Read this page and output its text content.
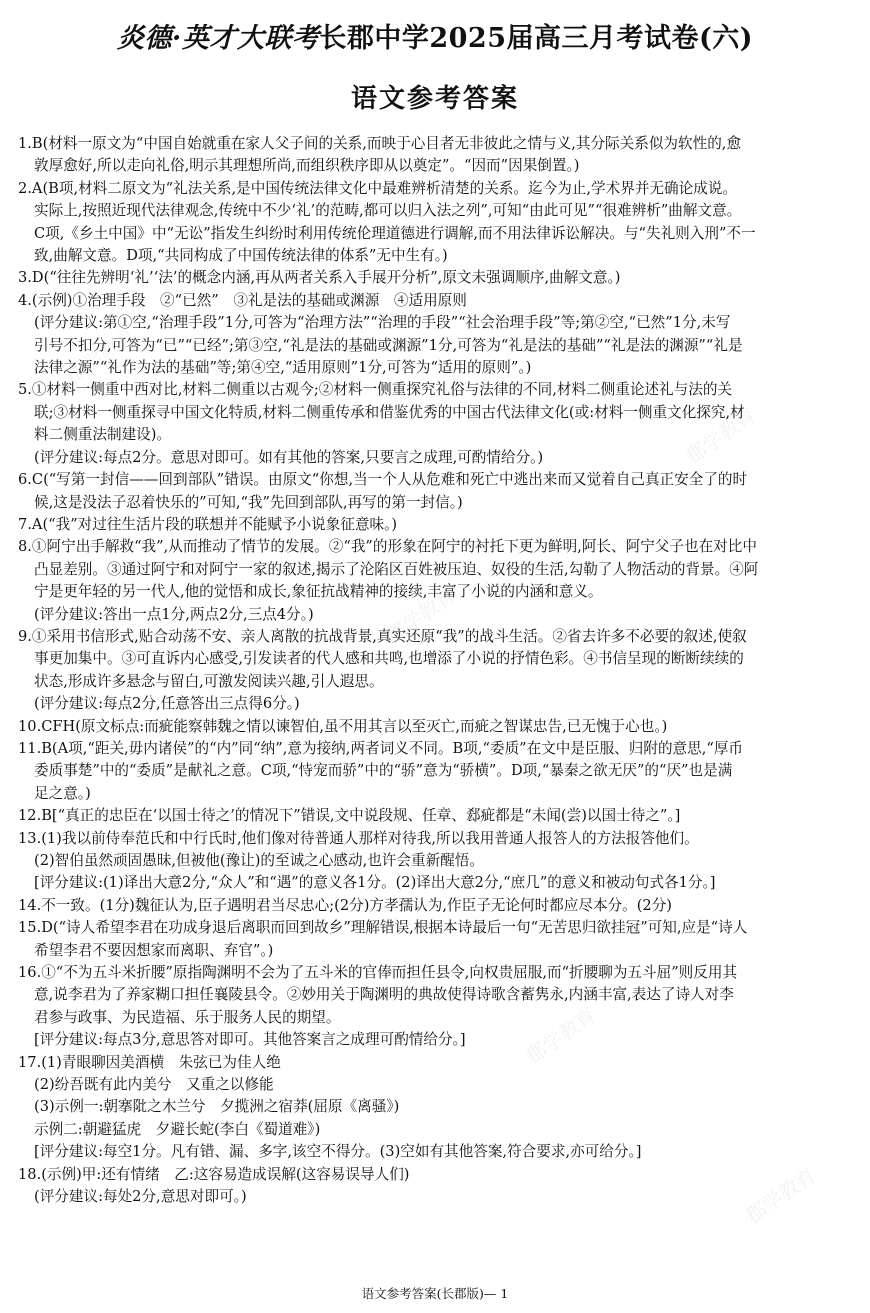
炎德·英才大联考长郡中学2025届高三月考试卷(六)
语文参考答案
1.B(材料一原文为“中国自始就重在家人父子间的关系,而映于心目者无非彼此之情与义,其分际关系似为软性的,愈
敦厚愈好,所以走向礼俗,明示其理想所尚,而组织秩序即从以奠定”。“因而”因果倒置。)
2.A(B项,材料二原文为“礼法关系,是中国传统法律文化中最难辨析清楚的关系。迄今为止,学术界并无确论成说。
实际上,按照近现代法律观念,传统中不少‘礼’的范畴,都可以归入法之列”,可知“由此可见”“很难辨析”曲解文意。
C项,《乡土中国》中“无讼”指发生纠纷时利用传统伦理道德进行调解,而不用法律诉讼解决。与“失礼则入刑”不一
致,曲解文意。D项,“共同构成了中国传统法律的体系”无中生有。)
3.D(“往往先辨明‘礼’‘法’的概念内涵,再从两者关系入手展开分析”,原文未强调顺序,曲解文意。)
4.(示例)①治理手段　②“已然”　③礼是法的基础或渊源　④适用原则
(评分建议:第①空,“治理手段”1分,可答为“治理方法”“治理的手段”“社会治理手段”等;第②空,“已然”1分,未写
引号不扣分,可答为“已”“已经”;第③空,“礼是法的基础或渊源”1分,可答为“礼是法的基础”“礼是法的渊源”“礼是
法律之源”“礼作为法的基础”等;第④空,“适用原则”1分,可答为“适用的原则”。)
5.①材料一侧重中西对比,材料二侧重以古观今;②材料一侧重探究礼俗与法律的不同,材料二侧重论述礼与法的关
联;③材料一侧重探寻中国文化特质,材料二侧重传承和借鉴优秀的中国古代法律文化(或:材料一侧重文化探究,材
料二侧重法制建设)。
(评分建议:每点2分。意思对即可。如有其他的答案,只要言之成理,可酌情给分。)
6.C(“写第一封信——回到部队”错误。由原文“你想,当一个人从危难和死亡中逃出来而又觉着自己真正安全了的时
候,这是没法子忍着快乐的”可知,“我”先回到部队,再写的第一封信。)
7.A(“我”对过往生活片段的联想并不能赋予小说象征意味。)
8.①阿宁出手解救“我”,从而推动了情节的发展。②“我”的形象在阿宁的衬托下更为鲜明,阿长、阿宁父子也在对比中
凸显差别。③通过阿宁和对阿宁一家的叙述,揭示了沦陷区百姓被压迫、奴役的生活,勾勒了人物活动的背景。④阿
宁是更年轻的另一代人,他的觉悟和成长,象征抗战精神的接续,丰富了小说的内涵和意义。
(评分建议:答出一点1分,两点2分,三点4分。)
9.①采用书信形式,贴合动荡不安、亲人离散的抗战背景,真实还原“我”的战斗生活。②省去许多不必要的叙述,使叙
事更加集中。③可直诉内心感受,引发读者的代人感和共鸣,也增添了小说的抒情色彩。④书信呈现的断断续续的
状态,形成许多悬念与留白,可激发阅读兴趣,引人遐思。
(评分建议:每点2分,任意答出三点得6分。)
10.CFH(原文标点:而疵能察韩魏之情以谏智伯,虽不用其言以至灭亡,而疵之智谋忠告,已无愧于心也。)
11.B(A项,“距关,毋内诸侯”的“内”同“纳”,意为接纳,两者词义不同。B项,“委质”在文中是臣服、归附的意思,“厚币
委质事楚”中的“委质”是献礼之意。C项,“恃宠而骄”中的“骄”意为“骄横”。D项,“暴秦之欲无厌”的“厌”也是满
足之意。)
12.B[“真正的忠臣在‘以国士待之’的情况下”错误,文中说段规、任章、郄疵都是“未闻(尝)以国士待之”。]
13.(1)我以前侍奉范氏和中行氏时,他们像对待普通人那样对待我,所以我用普通人报答人的方法报答他们。
(2)智伯虽然顽固愚昧,但被他(豫让)的至诚之心感动,也许会重新醒悟。
[评分建议:(1)译出大意2分,“众人”和“遇”的意义各1分。(2)译出大意2分,“庶几”的意义和被动句式各1分。]
14.不一致。(1分)魏征认为,臣子遇明君当尽忠心;(2分)方孝孺认为,作臣子无论何时都应尽本分。(2分)
15.D(“诗人希望李君在功成身退后离职而回到故乡”理解错误,根据本诗最后一句“无苦思归欲挂冠”可知,应是“诗人
希望李君不要因想家而离职、弃官”。)
16.①“不为五斗米折腰”原指陶渊明不会为了五斗米的官俸而担任县令,向权贵屈服,而“折腰聊为五斗屈”则反用其
意,说李君为了养家糊口担任襄陵县令。②妙用关于陶渊明的典故使得诗歌含蓄隽永,内涵丰富,表达了诗人对李
君参与政事、为民造福、乐于服务人民的期望。
[评分建议:每点3分,意思答对即可。其他答案言之成理可酌情给分。]
17.(1)青眼聊因美酒横　朱弦已为佳人绝
(2)纷吾既有此内美兮　又重之以修能
(3)示例一:朝搴阰之木兰兮　夕揽洲之宿莽(屈原《离骚》)
示例二:朝避猛虎　夕避长蛇(李白《蜀道难》)
[评分建议:每空1分。凡有错、漏、多字,该空不得分。(3)空如有其他答案,符合要求,亦可给分。]
18.(示例)甲:还有情绪　乙:这容易造成误解(这容易误导人们)
(评分建议:每处2分,意思对即可。)
语文参考答案(长郡版)— 1
郡学教育
郡学教育
郡学教育
郡学教育
郡学教育
郡学教育
